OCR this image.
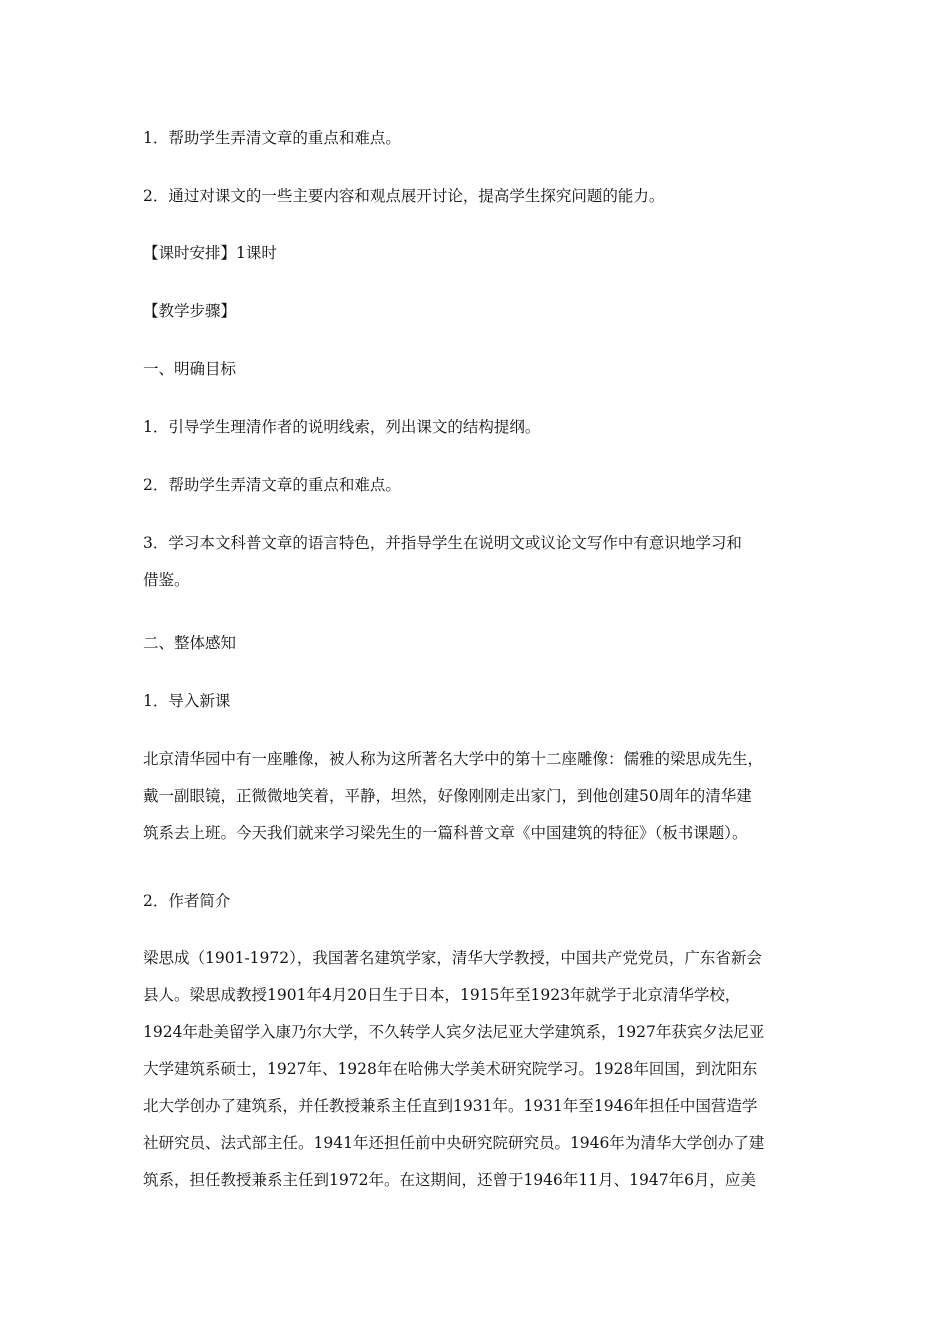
1．帮助学生弄清文章的重点和难点。
2．通过对课文的一些主要内容和观点展开讨论，提高学生探究问题的能力。
【课时安排】1课时
【教学步骤】
一、明确目标
1．引导学生理清作者的说明线索，列出课文的结构提纲。
2．帮助学生弄清文章的重点和难点。
3．学习本文科普文章的语言特色，并指导学生在说明文或议论文写作中有意识地学习和
借鉴。
二、整体感知
1．导入新课
北京清华园中有一座雕像，被人称为这所著名大学中的第十二座雕像：儒雅的梁思成先生，
戴一副眼镜，正微微地笑着，平静，坦然，好像刚刚走出家门，到他创建50周年的清华建
筑系去上班。今天我们就来学习梁先生的一篇科普文章《中国建筑的特征》（板书课题）。
2．作者简介
梁思成（1901-1972），我国著名建筑学家，清华大学教授，中国共产党党员，广东省新会
县人。梁思成教授1901年4月20日生于日本，1915年至1923年就学于北京清华学校，
1924年赴美留学入康乃尔大学，不久转学人宾夕法尼亚大学建筑系，1927年获宾夕法尼亚
大学建筑系硕士，1927年、1928年在哈佛大学美术研究院学习。1928年回国，到沈阳东
北大学创办了建筑系，并任教授兼系主任直到1931年。1931年至1946年担任中国营造学
社研究员、法式部主任。1941年还担任前中央研究院研究员。1946年为清华大学创办了建
筑系，担任教授兼系主任到1972年。在这期间，还曾于1946年11月、1947年6月，应美
